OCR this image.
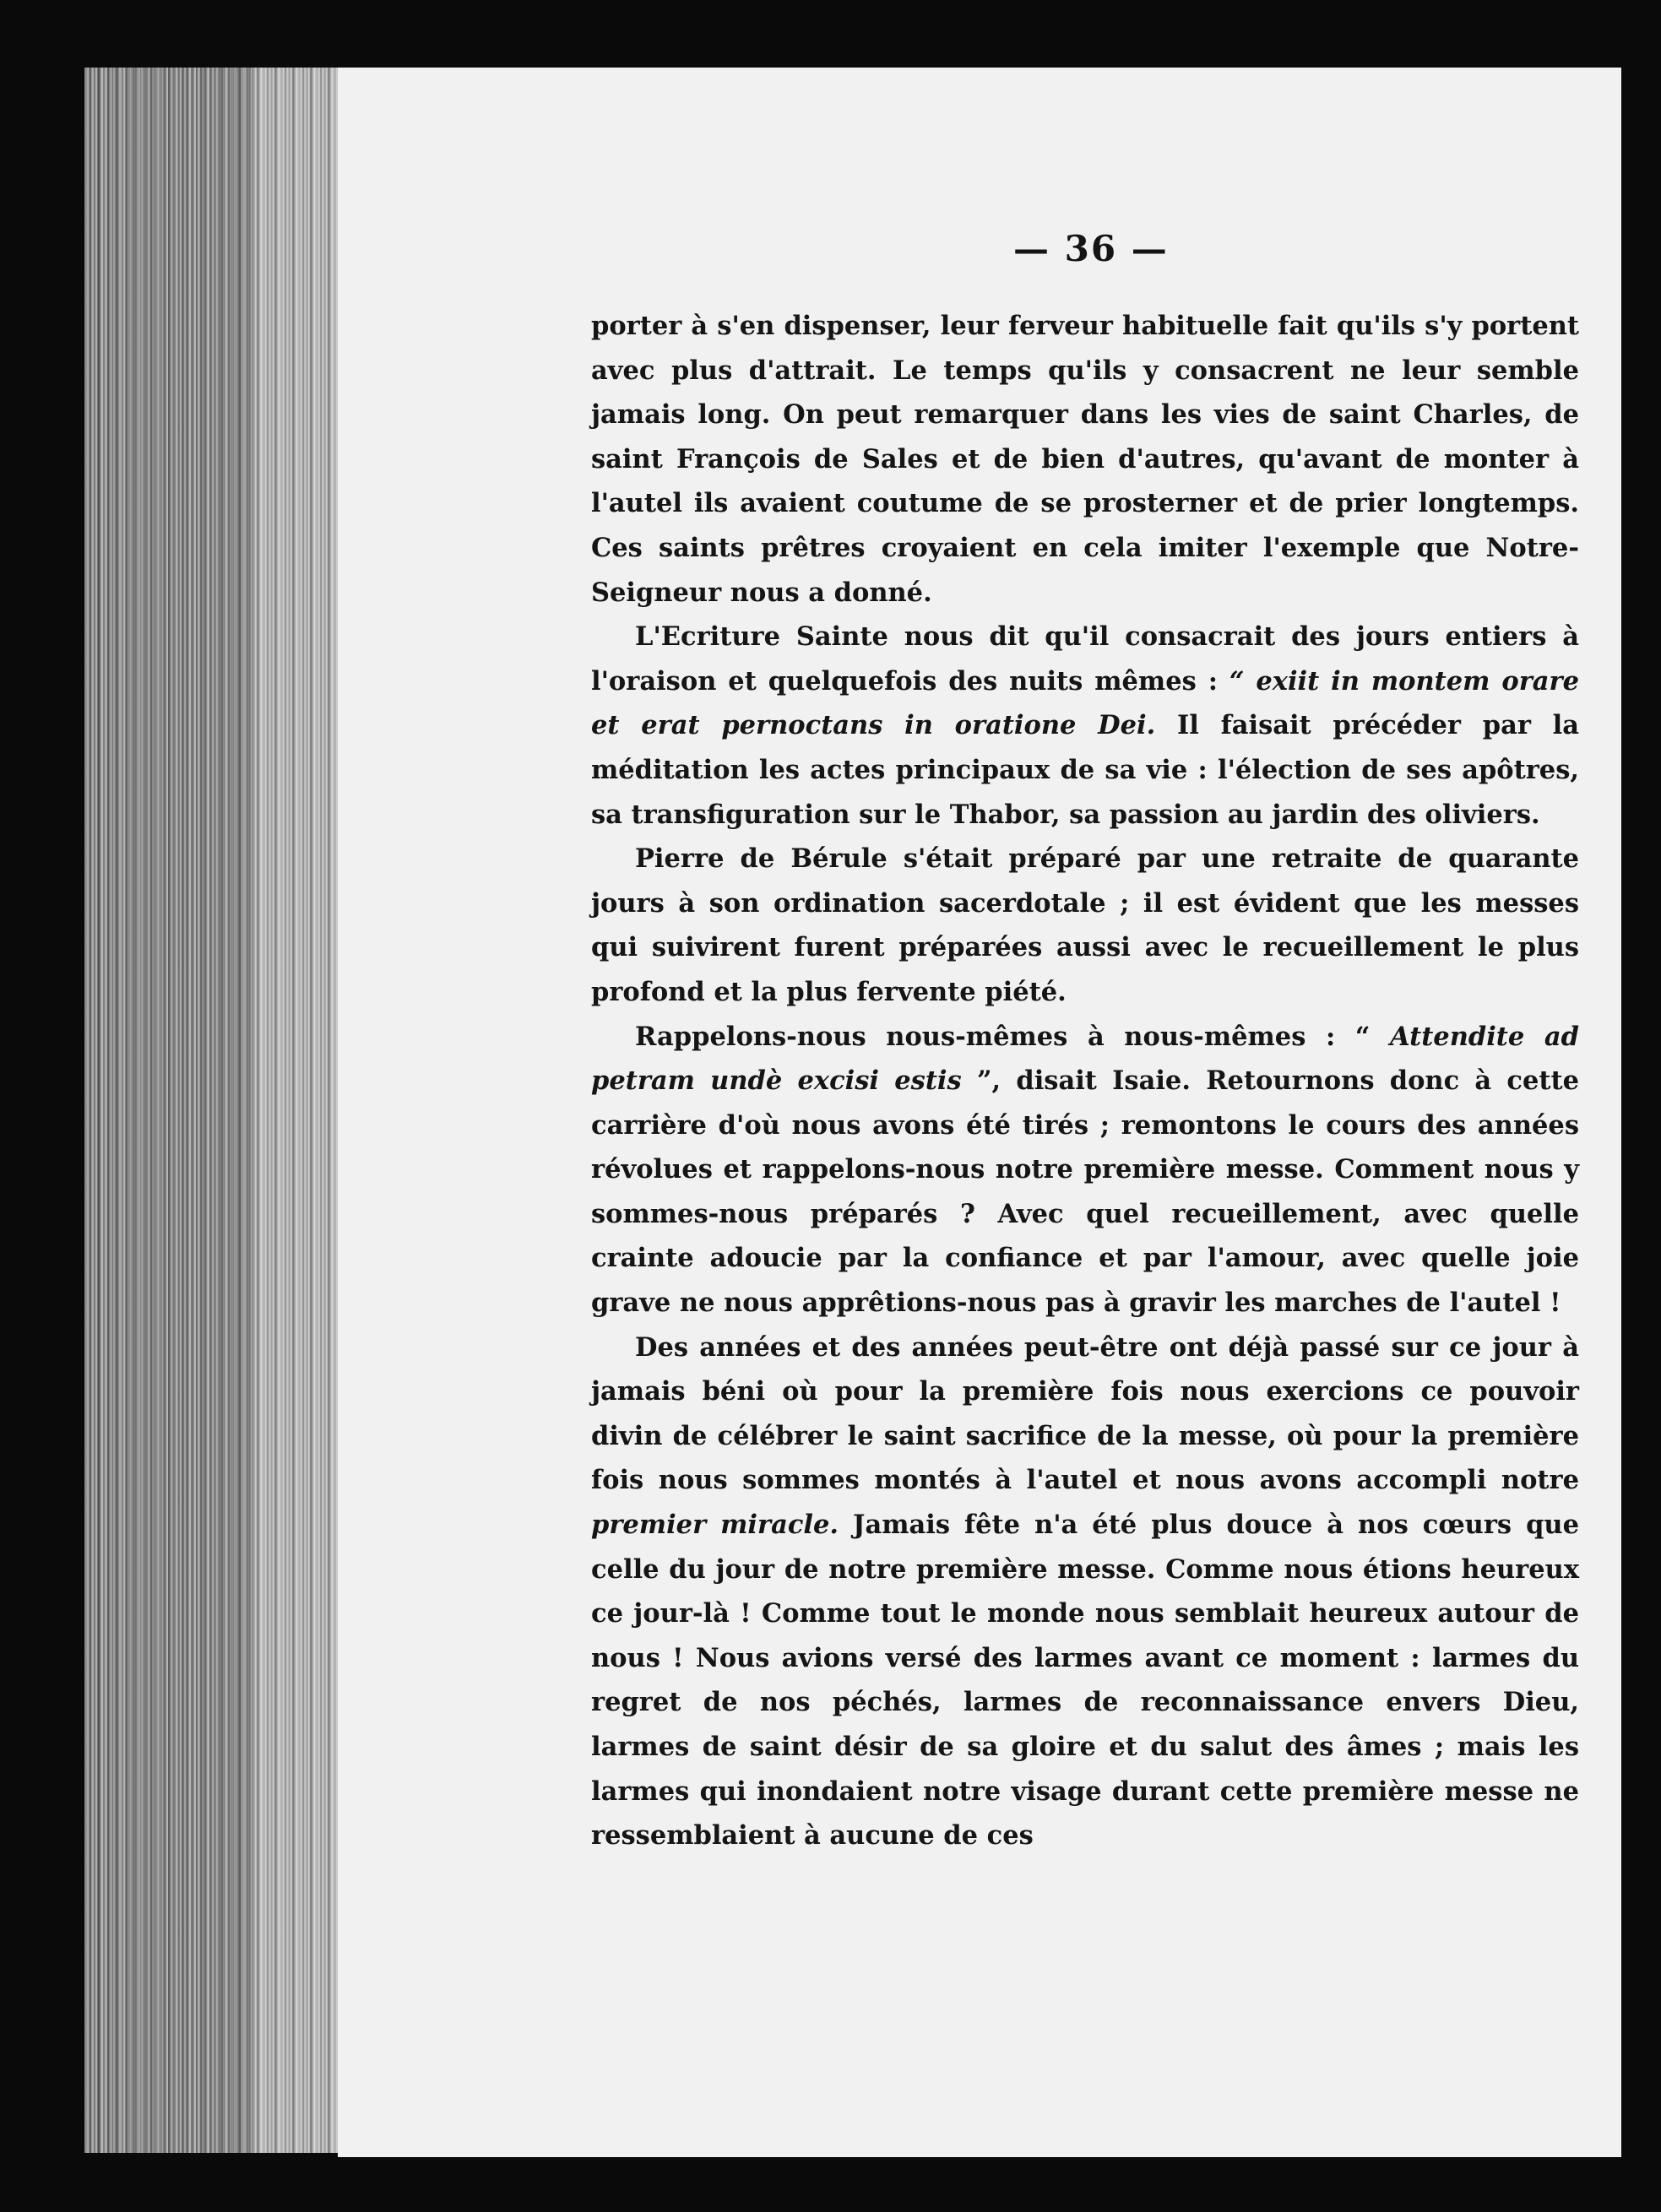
— 36 —

porter à s'en dispenser, leur ferveur habituelle fait qu'ils s'y portent avec plus d'attrait. Le temps qu'ils y consacrent ne leur semble jamais long. On peut remarquer dans les vies de saint Charles, de saint François de Sales et de bien d'autres, qu'avant de monter à l'autel ils avaient coutume de se prosterner et de prier longtemps. Ces saints prêtres croyaient en cela imiter l'exemple que Notre-Seigneur nous a donné.

L'Ecriture Sainte nous dit qu'il consacrait des jours entiers à l'oraison et quelquefois des nuits mêmes : “ exiit in montem orare et erat pernoctans in oratione Dei. Il faisait précéder par la méditation les actes principaux de sa vie : l'élection de ses apôtres, sa transfiguration sur le Thabor, sa passion au jardin des oliviers.

Pierre de Bérule s'était préparé par une retraite de quarante jours à son ordination sacerdotale ; il est évident que les messes qui suivirent furent préparées aussi avec le recueillement le plus profond et la plus fervente piété.

Rappelons-nous nous-mêmes à nous-mêmes : “ Attendite ad petram undè excisi estis ”, disait Isaie. Retournons donc à cette carrière d'où nous avons été tirés ; remontons le cours des années révolues et rappelons-nous notre première messe. Comment nous y sommes-nous préparés ? Avec quel recueillement, avec quelle crainte adoucie par la confiance et par l'amour, avec quelle joie grave ne nous apprêtions-nous pas à gravir les marches de l'autel !

Des années et des années peut-être ont déjà passé sur ce jour à jamais béni où pour la première fois nous exercions ce pouvoir divin de célébrer le saint sacrifice de la messe, où pour la première fois nous sommes montés à l'autel et nous avons accompli notre premier miracle. Jamais fête n'a été plus douce à nos cœurs que celle du jour de notre première messe. Comme nous étions heureux ce jour-là ! Comme tout le monde nous semblait heureux autour de nous ! Nous avions versé des larmes avant ce moment : larmes du regret de nos péchés, larmes de reconnaissance envers Dieu, larmes de saint désir de sa gloire et du salut des âmes ; mais les larmes qui inondaient notre visage durant cette première messe ne ressemblaient à aucune de ces
